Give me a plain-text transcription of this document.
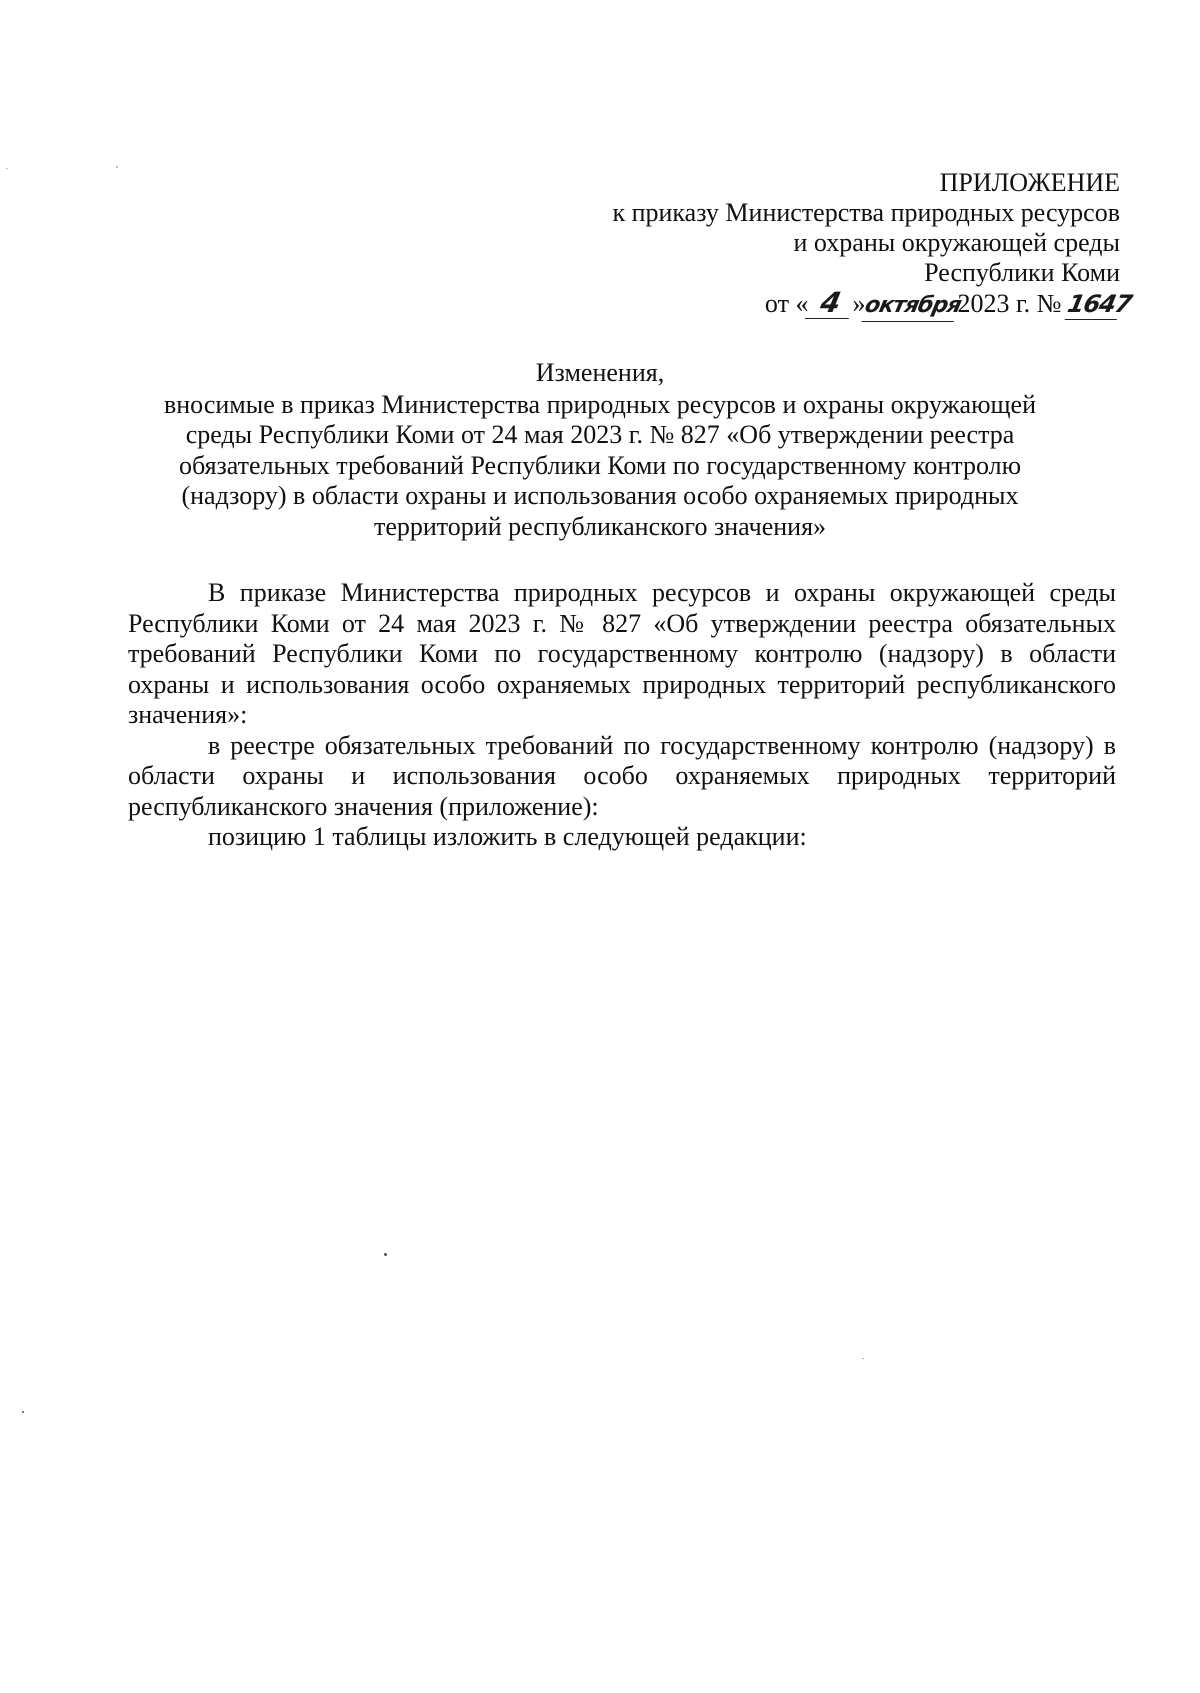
ПРИЛОЖЕНИЕ
к приказу Министерства природных ресурсов
и охраны окружающей среды
Республики Коми
от « 4 »октября2023 г. № 1647
Изменения,
вносимые в приказ Министерства природных ресурсов и охраны окружающей
среды Республики Коми от 24 мая 2023 г. № 827 «Об утверждении реестра
обязательных требований Республики Коми по государственному контролю
(надзору) в области охраны и использования особо охраняемых природных
территорий республиканского значения»

В приказе Министерства природных ресурсов и охраны окружающей среды Республики Коми от 24 мая 2023 г. № 827 «Об утверждении реестра обязательных требований Республики Коми по государственному контролю (надзору) в области охраны и использования особо охраняемых природных территорий республиканского значения»:

в реестре обязательных требований по государственному контролю (надзору) в области охраны и использования особо охраняемых природных территорий республиканского значения (приложение):

позицию 1 таблицы изложить в следующей редакции:
